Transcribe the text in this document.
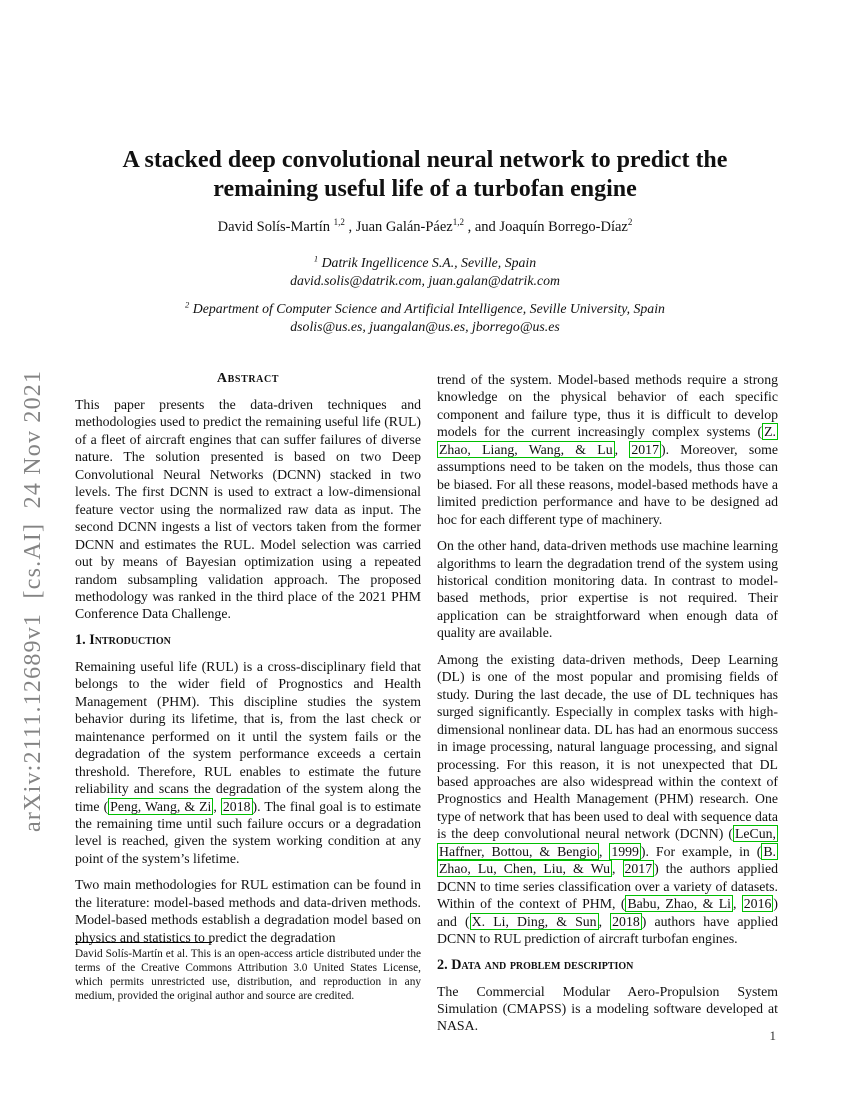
arXiv:2111.12689v1  [cs.AI]  24 Nov 2021
A stacked deep convolutional neural network to predict the
remaining useful life of a turbofan engine
David Solís-Martín $^{1,2}$ , Juan Galán-Páez$^{1,2}$ , and Joaquín Borrego-Díaz$^2$
$^1$ Datrik Ingellicence S.A., Seville, Spain
david.solis@datrik.com, juan.galan@datrik.com
$^2$ Department of Computer Science and Artificial Intelligence, Seville University, Spain
dsolis@us.es, juangalan@us.es, jborrego@us.es
Abstract

This paper presents the data-driven techniques and methodologies used to predict the remaining useful life (RUL) of a fleet of aircraft engines that can suffer failures of diverse nature. The solution presented is based on two Deep Convolutional Neural Networks (DCNN) stacked in two levels. The first DCNN is used to extract a low-dimensional feature vector using the normalized raw data as input. The second DCNN ingests a list of vectors taken from the former DCNN and estimates the RUL. Model selection was carried out by means of Bayesian optimization using a repeated random subsampling validation approach. The proposed methodology was ranked in the third place of the 2021 PHM Conference Data Challenge.

1. Introduction

Remaining useful life (RUL) is a cross-disciplinary field that belongs to the wider field of Prognostics and Health Management (PHM). This discipline studies the system behavior during its lifetime, that is, from the last check or maintenance performed on it until the system fails or the degradation of the system performance exceeds a certain threshold. Therefore, RUL enables to estimate the future reliability and scans the degradation of the system along the time ( Peng, Wang, & Zi , 2018 ). The final goal is to estimate the remaining time until such failure occurs or a degradation level is reached, given the system working condition at any point of the system’s lifetime.

Two main methodologies for RUL estimation can be found in the literature: model-based methods and data-driven methods. Model-based methods establish a degradation model based on physics and statistics to predict the degradation

trend of the system. Model-based methods require a strong knowledge on the physical behavior of each specific component and failure type, thus it is difficult to develop models for the current increasingly complex systems ( Z. Zhao, Liang, Wang, & Lu , 2017 ). Moreover, some assumptions need to be taken on the models, thus those can be biased. For all these reasons, model-based methods have a limited prediction performance and have to be designed ad hoc for each different type of machinery.

On the other hand, data-driven methods use machine learning algorithms to learn the degradation trend of the system using historical condition monitoring data. In contrast to model-based methods, prior expertise is not required. Their application can be straightforward when enough data of quality are available.

Among the existing data-driven methods, Deep Learning (DL) is one of the most popular and promising fields of study. During the last decade, the use of DL techniques has surged significantly. Especially in complex tasks with high-dimensional nonlinear data. DL has had an enormous success in image processing, natural language processing, and signal processing. For this reason, it is not unexpected that DL based approaches are also widespread within the context of Prognostics and Health Management (PHM) research. One type of network that has been used to deal with sequence data is the deep convolutional neural network (DCNN) ( LeCun, Haffner, Bottou, & Bengio , 1999 ). For example, in ( B. Zhao, Lu, Chen, Liu, & Wu , 2017 ) the authors applied DCNN to time series classification over a variety of datasets. Within of the context of PHM, ( Babu, Zhao, & Li , 2016 ) and ( X. Li, Ding, & Sun , 2018 ) authors have applied DCNN to RUL prediction of aircraft turbofan engines.

2. Data and problem description

The Commercial Modular Aero-Propulsion System Simulation (CMAPSS) is a modeling software developed at NASA.

David Solís-Martín et al. This is an open-access article distributed under the terms of the Creative Commons Attribution 3.0 United States License, which permits unrestricted use, distribution, and reproduction in any medium, provided the original author and source are credited.
1
